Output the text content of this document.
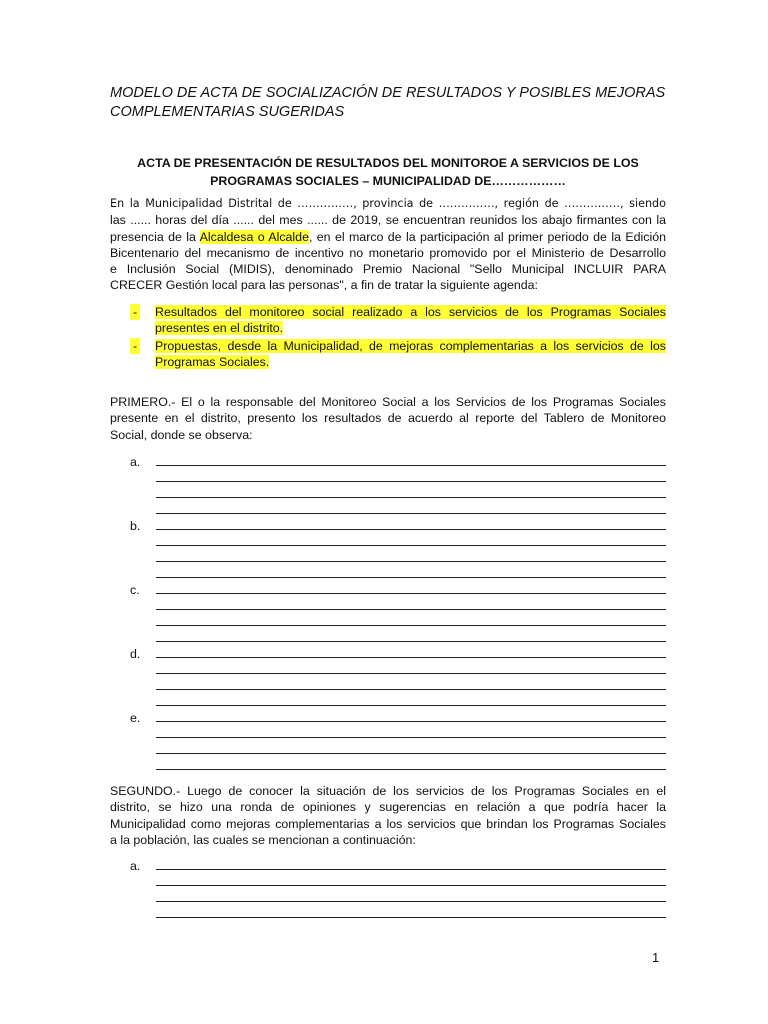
MODELO DE ACTA DE SOCIALIZACIÓN DE RESULTADOS Y POSIBLES MEJORAS
COMPLEMENTARIAS SUGERIDAS
ACTA DE PRESENTACIÓN DE RESULTADOS DEL MONITOROE A SERVICIOS DE LOS
PROGRAMAS SOCIALES – MUNICIPALIDAD DE………………
En la Municipalidad Distrital de ……………, provincia de ……………, región de ……………, siendo
las ...... horas del día ...... del mes ...... de 2019, se encuentran reunidos los abajo firmantes con la
presencia de la Alcaldesa o Alcalde, en el marco de la participación al primer periodo de la Edición
Bicentenario del mecanismo de incentivo no monetario promovido por el Ministerio de Desarrollo
e Inclusión Social (MIDIS), denominado Premio Nacional "Sello Municipal INCLUIR PARA
CRECER Gestión local para las personas", a fin de tratar la siguiente agenda:
- Resultados del monitoreo social realizado a los servicios de los Programas Sociales
presentes en el distrito.
- Propuestas, desde la Municipalidad, de mejoras complementarias a los servicios de los
Programas Sociales.
PRIMERO.- El o la responsable del Monitoreo Social a los Servicios de los Programas Sociales
presente en el distrito, presento los resultados de acuerdo al reporte del Tablero de Monitoreo
Social, donde se observa:
a.
b.
c.
d.
e.
SEGUNDO.- Luego de conocer la situación de los servicios de los Programas Sociales en el
distrito, se hizo una ronda de opiniones y sugerencias en relación a que podría hacer la
Municipalidad como mejoras complementarias a los servicios que brindan los Programas Sociales
a la población, las cuales se mencionan a continuación:
a.
1
